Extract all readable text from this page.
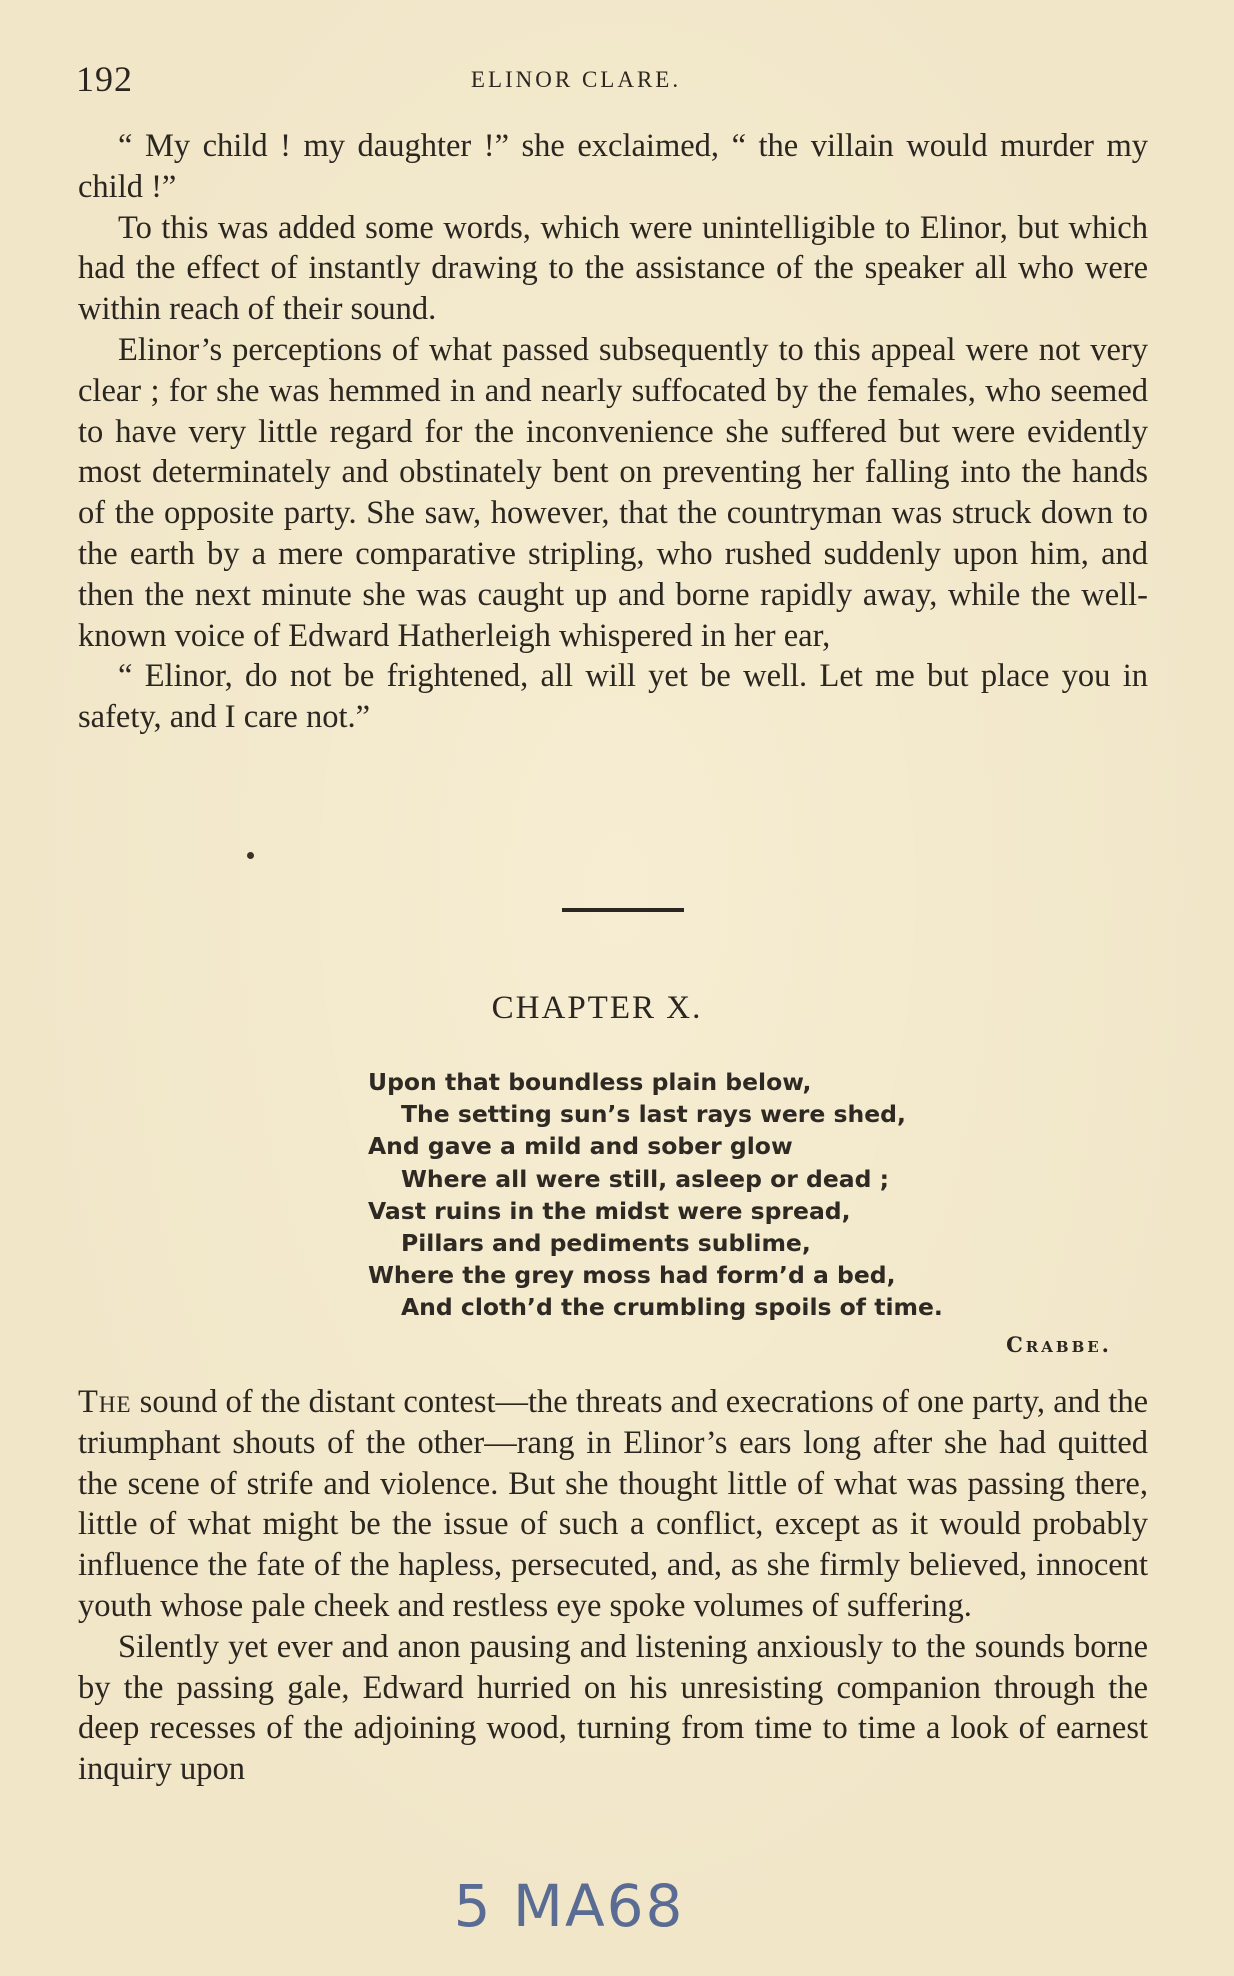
192	ELINOR CLARE.

“ My child ! my daughter !” she exclaimed, “ the villain would murder my child !”

To this was added some words, which were unintelligible to Elinor, but which had the effect of instantly drawing to the assistance of the speaker all who were within reach of their sound.

Elinor’s perceptions of what passed subsequently to this appeal were not very clear ; for she was hemmed in and nearly suffocated by the females, who seemed to have very little regard for the inconvenience she suffered but were evidently most determinately and obstinately bent on preventing her falling into the hands of the opposite party. She saw, however, that the countryman was struck down to the earth by a mere comparative stripling, who rushed suddenly upon him, and then the next minute she was caught up and borne rapidly away, while the well-known voice of Edward Hatherleigh whispered in her ear,

“ Elinor, do not be frightened, all will yet be well. Let me but place you in safety, and I care not.”

CHAPTER X.
Upon that boundless plain below,
The setting sun’s last rays were shed,
And gave a mild and sober glow
Where all were still, asleep or dead ;
Vast ruins in the midst were spread,
Pillars and pediments sublime,
Where the grey moss had form’d a bed,
And cloth’d the crumbling spoils of time.
Crabbe.

The sound of the distant contest—the threats and execrations of one party, and the triumphant shouts of the other—rang in Elinor’s ears long after she had quitted the scene of strife and violence. But she thought little of what was passing there, little of what might be the issue of such a conflict, except as it would probably influence the fate of the hapless, persecuted, and, as she firmly believed, innocent youth whose pale cheek and restless eye spoke volumes of suffering.

Silently yet ever and anon pausing and listening anxiously to the sounds borne by the passing gale, Edward hurried on his unresisting companion through the deep recesses of the adjoining wood, turning from time to time a look of earnest inquiry upon

5 MA68
